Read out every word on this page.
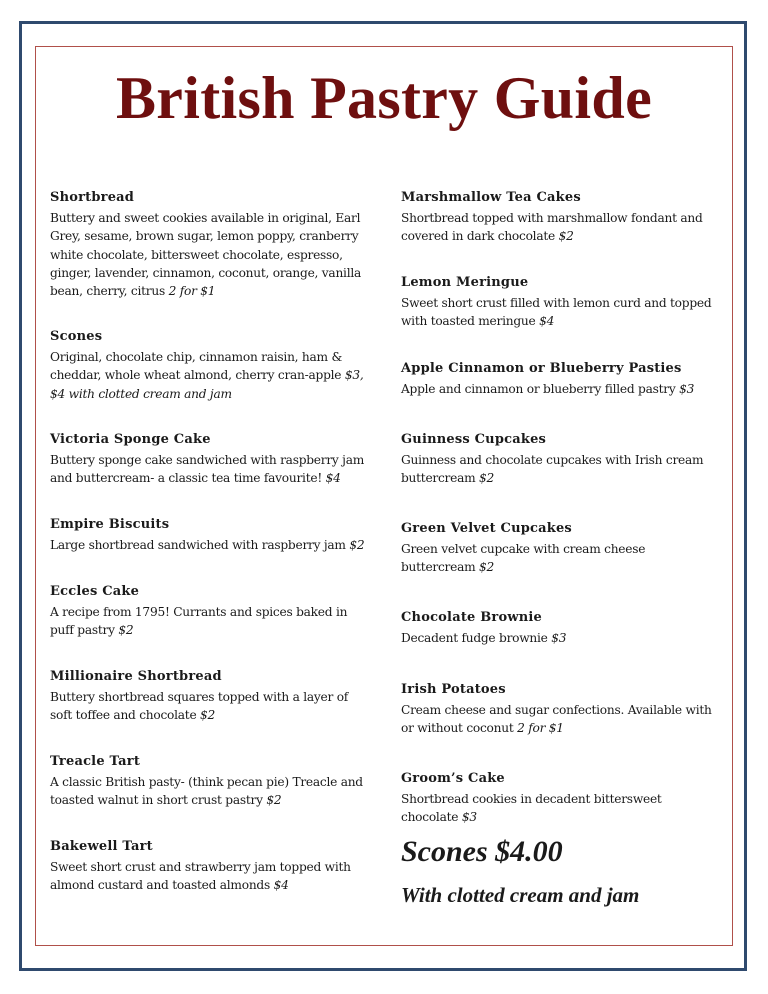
British Pastry Guide
Shortbread
Buttery and sweet cookies available in original, Earl Grey, sesame, brown sugar, lemon poppy, cranberry white chocolate, bittersweet chocolate, espresso, ginger, lavender, cinnamon, coconut, orange, vanilla bean, cherry, citrus 2 for $1
Scones
Original, chocolate chip, cinnamon raisin, ham & cheddar, whole wheat almond, cherry cran-apple $3, $4 with clotted cream and jam
Victoria Sponge Cake
Buttery sponge cake sandwiched with raspberry jam and buttercream- a classic tea time favourite! $4
Empire Biscuits
Large shortbread sandwiched with raspberry jam $2
Eccles Cake
A recipe from 1795! Currants and spices baked in puff pastry $2
Millionaire Shortbread
Buttery shortbread squares topped with a layer of soft toffee and chocolate $2
Treacle Tart
A classic British pasty- (think pecan pie) Treacle and toasted walnut in short crust pastry $2
Bakewell Tart
Sweet short crust and strawberry jam topped with almond custard and toasted almonds $4
Marshmallow Tea Cakes
Shortbread topped with marshmallow fondant and covered in dark chocolate $2
Lemon Meringue
Sweet short crust filled with lemon curd and topped with toasted meringue $4
Apple Cinnamon or Blueberry Pasties
Apple and cinnamon or blueberry filled pastry $3
Guinness Cupcakes
Guinness and chocolate cupcakes with Irish cream buttercream $2
Green Velvet Cupcakes
Green velvet cupcake with cream cheese buttercream $2
Chocolate Brownie
Decadent fudge brownie $3
Irish Potatoes
Cream cheese and sugar confections. Available with or without coconut 2 for $1
Groom’s Cake
Shortbread cookies in decadent bittersweet chocolate $3
Scones $4.00
With clotted cream and jam
